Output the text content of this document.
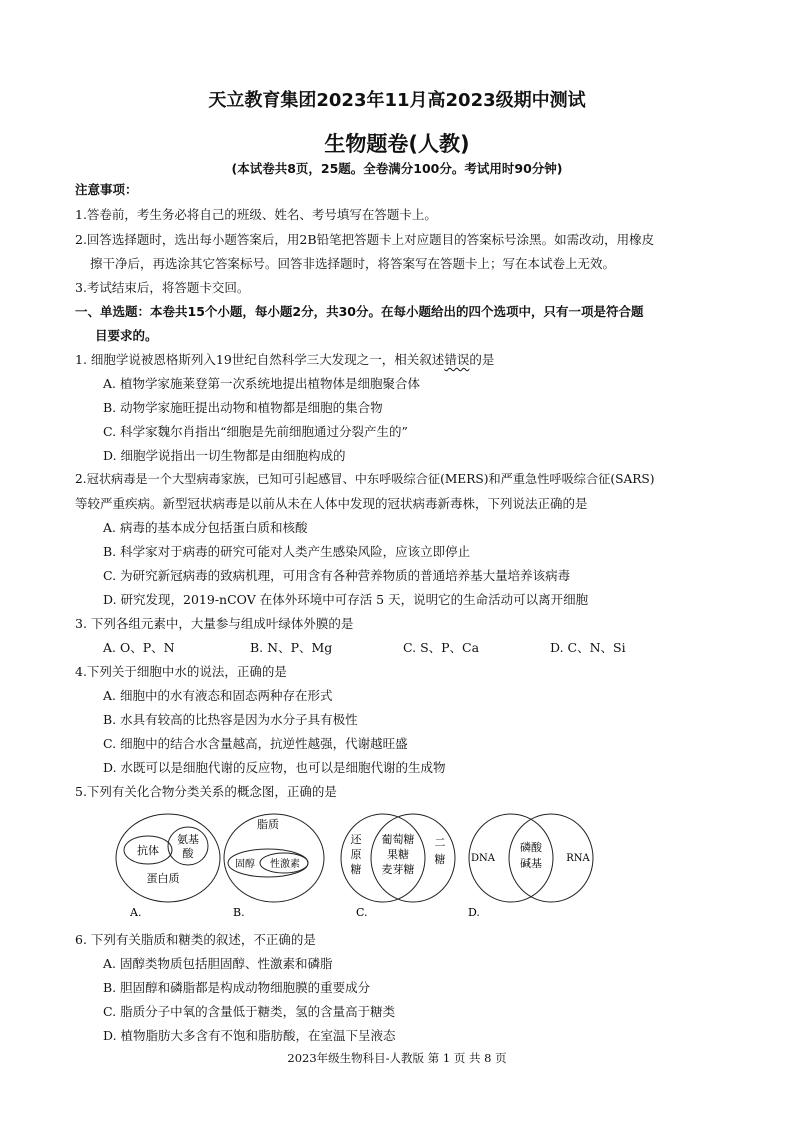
天立教育集团2023年11月高2023级期中测试
生物题卷(人教)
(本试卷共8页，25题。全卷满分100分。考试用时90分钟)
注意事项：
1.答卷前，考生务必将自己的班级、姓名、考号填写在答题卡上。
2.回答选择题时，选出每小题答案后，用2B铅笔把答题卡上对应题目的答案标号涂黑。如需改动，用橡皮
擦干净后，再选涂其它答案标号。回答非选择题时，将答案写在答题卡上；写在本试卷上无效。
3.考试结束后，将答题卡交回。
一、单选题：本卷共15个小题，每小题2分，共30分。在每小题给出的四个选项中，只有一项是符合题
目要求的。
1. 细胞学说被恩格斯列入19世纪自然科学三大发现之一，相关叙述错误的是
A. 植物学家施莱登第一次系统地提出植物体是细胞聚合体
B. 动物学家施旺提出动物和植物都是细胞的集合物
C. 科学家魏尔肖指出“细胞是先前细胞通过分裂产生的”
D. 细胞学说指出一切生物都是由细胞构成的
2.冠状病毒是一个大型病毒家族，已知可引起感冒、中东呼吸综合征(MERS)和严重急性呼吸综合征(SARS)
等较严重疾病。新型冠状病毒是以前从未在人体中发现的冠状病毒新毒株，下列说法正确的是
A. 病毒的基本成分包括蛋白质和核酸
B. 科学家对于病毒的研究可能对人类产生感染风险，应该立即停止
C. 为研究新冠病毒的致病机理，可用含有各种营养物质的普通培养基大量培养该病毒
D. 研究发现，2019-nCOV 在体外环境中可存活 5 天，说明它的生命活动可以离开细胞
3. 下列各组元素中，大量参与组成叶绿体外膜的是
A. O、P、N	B. N、P、Mg	C. S、P、Ca	D. C、N、Si
4.下列关于细胞中水的说法，正确的是
A. 细胞中的水有液态和固态两种存在形式
B. 水具有较高的比热容是因为水分子具有极性
C. 细胞中的结合水含量越高，抗逆性越强，代谢越旺盛
D. 水既可以是细胞代谢的反应物，也可以是细胞代谢的生成物
5.下列有关化合物分类关系的概念图，正确的是
抗体
氨基
酸
蛋白质
A.
脂质
固醇 性激素
B.
还
原
糖
葡萄糖
果糖
麦芽糖
二
糖
C.
DNA
磷酸
碱基 RNA
D.
6. 下列有关脂质和糖类的叙述，不正确的是
A. 固醇类物质包括胆固醇、性激素和磷脂
B. 胆固醇和磷脂都是构成动物细胞膜的重要成分
C. 脂质分子中氧的含量低于糖类，氢的含量高于糖类
D. 植物脂肪大多含有不饱和脂肪酸，在室温下呈液态
2023年级生物科目-人教版 第 1 页 共 8 页
